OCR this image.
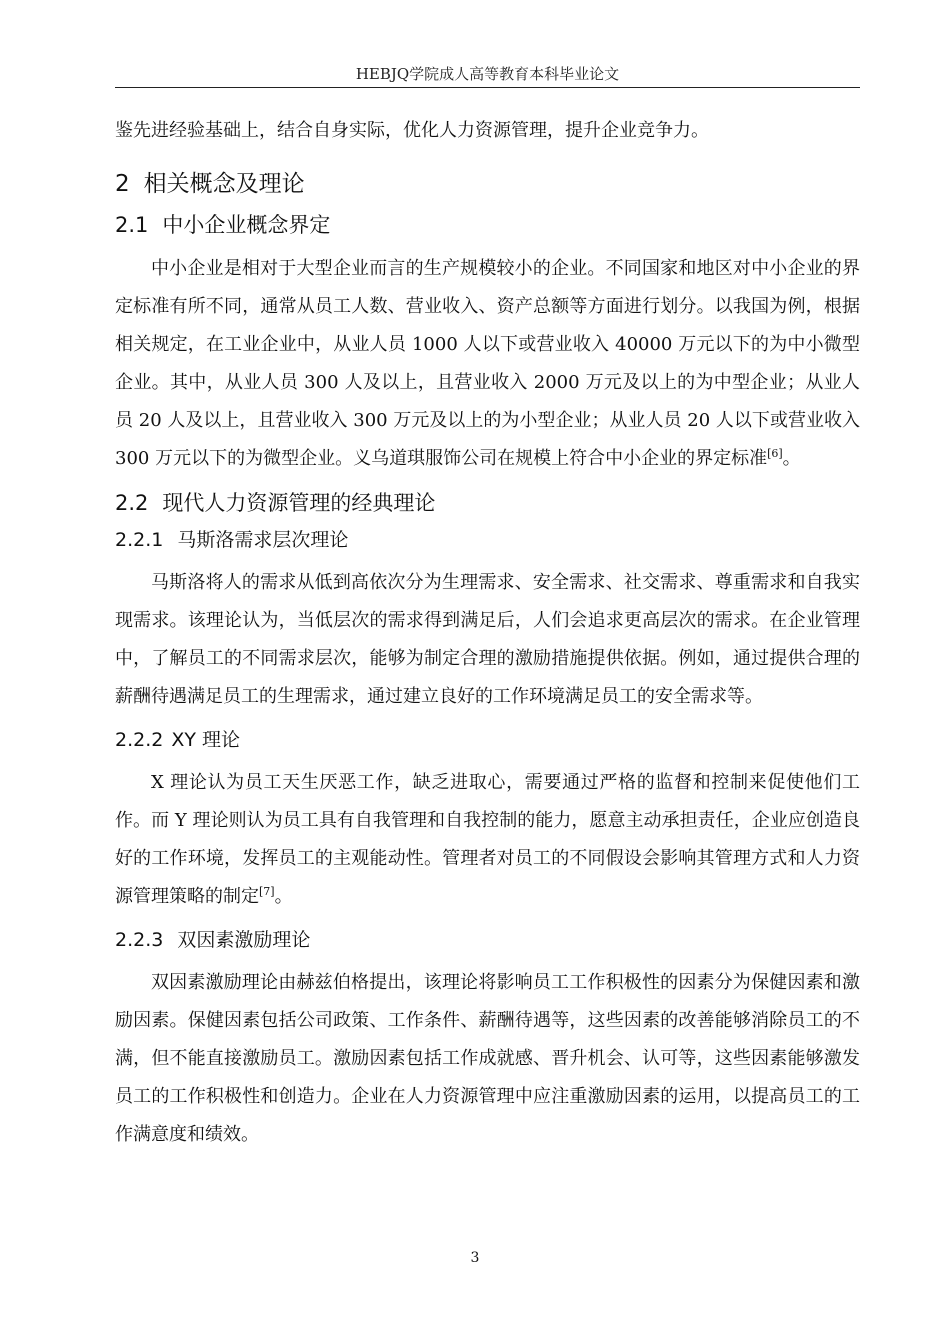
HEBJQ学院成人高等教育本科毕业论文

鉴先进经验基础上，结合自身实际，优化人力资源管理，提升企业竞争力。

2 相关概念及理论
2.1 中小企业概念界定

中小企业是相对于大型企业而言的生产规模较小的企业。不同国家和地区对中小企业的界定标准有所不同，通常从员工人数、营业收入、资产总额等方面进行划分。以我国为例，根据相关规定，在工业企业中，从业人员 1000 人以下或营业收入 40000 万元以下的为中小微型企业。其中，从业人员 300 人及以上，且营业收入 2000 万元及以上的为中型企业；从业人员 20 人及以上，且营业收入 300 万元及以上的为小型企业；从业人员 20 人以下或营业收入 300 万元以下的为微型企业。义乌道琪服饰公司在规模上符合中小企业的界定标准[6]。

2.2 现代人力资源管理的经典理论
2.2.1 马斯洛需求层次理论

马斯洛将人的需求从低到高依次分为生理需求、安全需求、社交需求、尊重需求和自我实现需求。该理论认为，当低层次的需求得到满足后，人们会追求更高层次的需求。在企业管理中，了解员工的不同需求层次，能够为制定合理的激励措施提供依据。例如，通过提供合理的薪酬待遇满足员工的生理需求，通过建立良好的工作环境满足员工的安全需求等。

2.2.2 XY 理论

X 理论认为员工天生厌恶工作，缺乏进取心，需要通过严格的监督和控制来促使他们工作。而 Y 理论则认为员工具有自我管理和自我控制的能力，愿意主动承担责任，企业应创造良好的工作环境，发挥员工的主观能动性。管理者对员工的不同假设会影响其管理方式和人力资源管理策略的制定[7]。

2.2.3 双因素激励理论

双因素激励理论由赫兹伯格提出，该理论将影响员工工作积极性的因素分为保健因素和激励因素。保健因素包括公司政策、工作条件、薪酬待遇等，这些因素的改善能够消除员工的不满，但不能直接激励员工。激励因素包括工作成就感、晋升机会、认可等，这些因素能够激发员工的工作积极性和创造力。企业在人力资源管理中应注重激励因素的运用，以提高员工的工作满意度和绩效。

3
